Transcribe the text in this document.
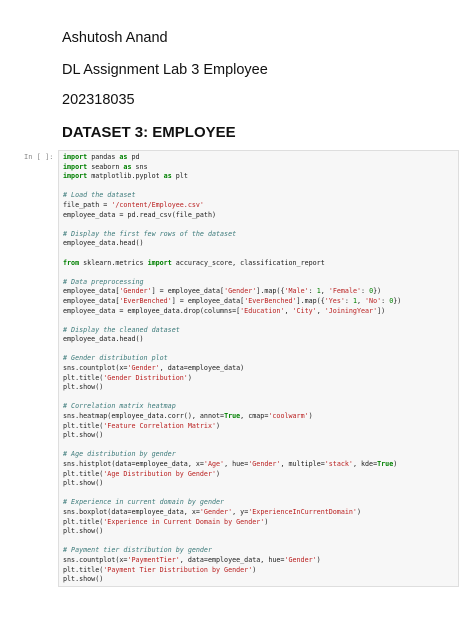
Ashutosh Anand
DL Assignment Lab 3 Employee
202318035
DATASET 3: EMPLOYEE
In [ ]:	import pandas as pd
import seaborn as sns
import matplotlib.pyplot as plt
# Load the dataset
file_path = '/content/Employee.csv'
employee_data = pd.read_csv(file_path)
# Display the first few rows of the dataset
employee_data.head()
from sklearn.metrics import accuracy_score, classification_report
# Data preprocessing
employee_data['Gender'] = employee_data['Gender'].map({'Male': 1, 'Female': 0})
employee_data['EverBenched'] = employee_data['EverBenched'].map({'Yes': 1, 'No': 0})
employee_data = employee_data.drop(columns=['Education', 'City', 'JoiningYear'])
# Display the cleaned dataset
employee_data.head()
# Gender distribution plot
sns.countplot(x='Gender', data=employee_data)
plt.title('Gender Distribution')
plt.show()
# Correlation matrix heatmap
sns.heatmap(employee_data.corr(), annot=True, cmap='coolwarm')
plt.title('Feature Correlation Matrix')
plt.show()
# Age distribution by gender
sns.histplot(data=employee_data, x='Age', hue='Gender', multiple='stack', kde=True)
plt.title('Age Distribution by Gender')
plt.show()
# Experience in current domain by gender
sns.boxplot(data=employee_data, x='Gender', y='ExperienceInCurrentDomain')
plt.title('Experience in Current Domain by Gender')
plt.show()
# Payment tier distribution by gender
sns.countplot(x='PaymentTier', data=employee_data, hue='Gender')
plt.title('Payment Tier Distribution by Gender')
plt.show()
